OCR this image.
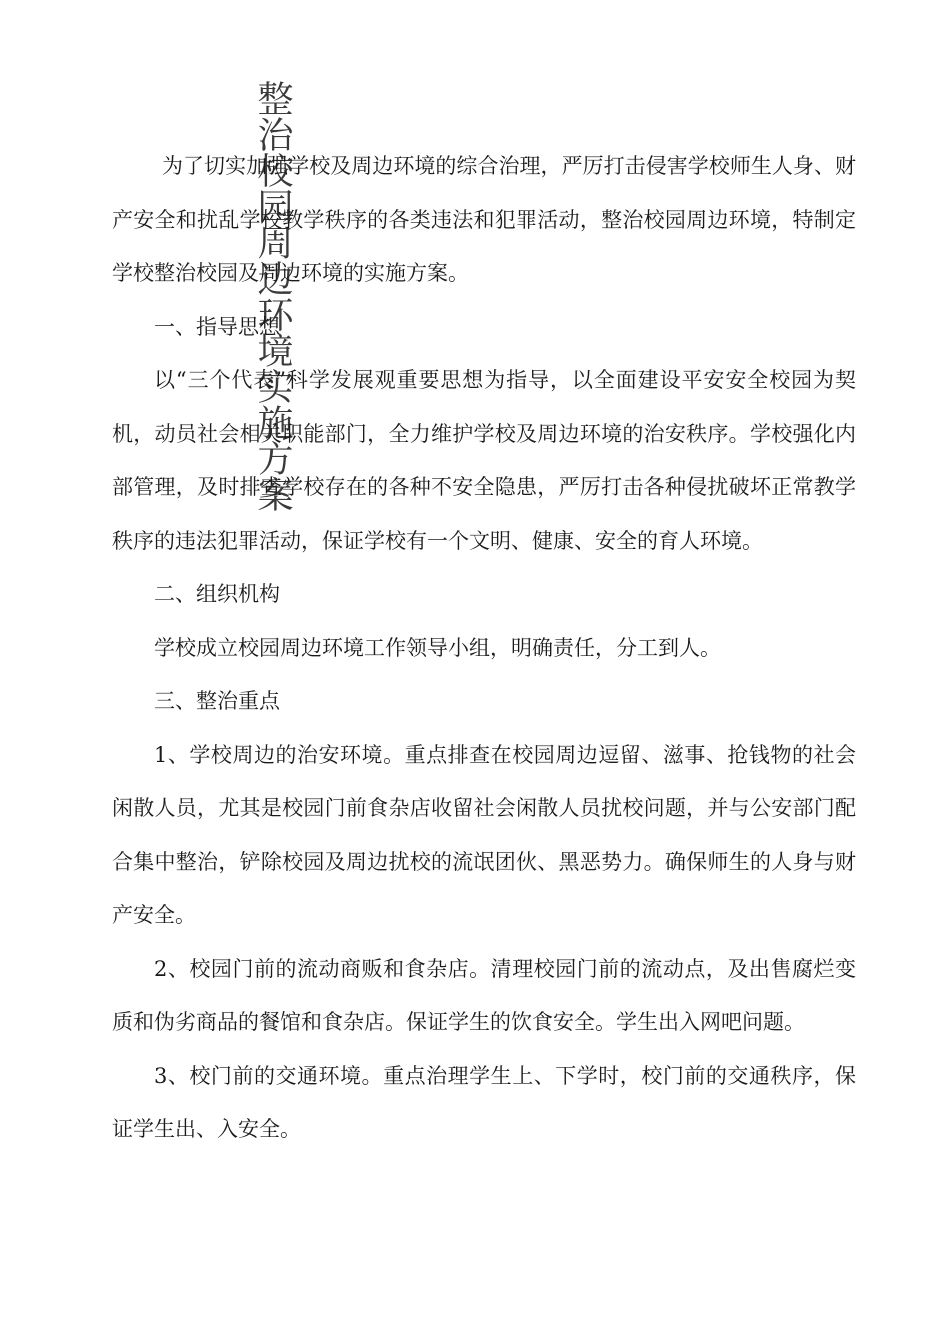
整治校园周边环境实施方案

为了切实加强学校及周边环境的综合治理，严厉打击侵害学校师生人身、财产安全和扰乱学校教学秩序的各类违法和犯罪活动，整治校园周边环境，特制定学校整治校园及周边环境的实施方案。

一、指导思想

以“三个代表”科学发展观重要思想为指导，以全面建设平安安全校园为契机，动员社会相关职能部门，全力维护学校及周边环境的治安秩序。学校强化内部管理，及时排查学校存在的各种不安全隐患，严厉打击各种侵扰破坏正常教学秩序的违法犯罪活动，保证学校有一个文明、健康、安全的育人环境。

二、组织机构

学校成立校园周边环境工作领导小组，明确责任，分工到人。

三、整治重点

1、学校周边的治安环境。重点排查在校园周边逗留、滋事、抢钱物的社会闲散人员，尤其是校园门前食杂店收留社会闲散人员扰校问题，并与公安部门配合集中整治，铲除校园及周边扰校的流氓团伙、黑恶势力。确保师生的人身与财产安全。

2、校园门前的流动商贩和食杂店。清理校园门前的流动点，及出售腐烂变质和伪劣商品的餐馆和食杂店。保证学生的饮食安全。学生出入网吧问题。

3、校门前的交通环境。重点治理学生上、下学时，校门前的交通秩序，保证学生出、入安全。
